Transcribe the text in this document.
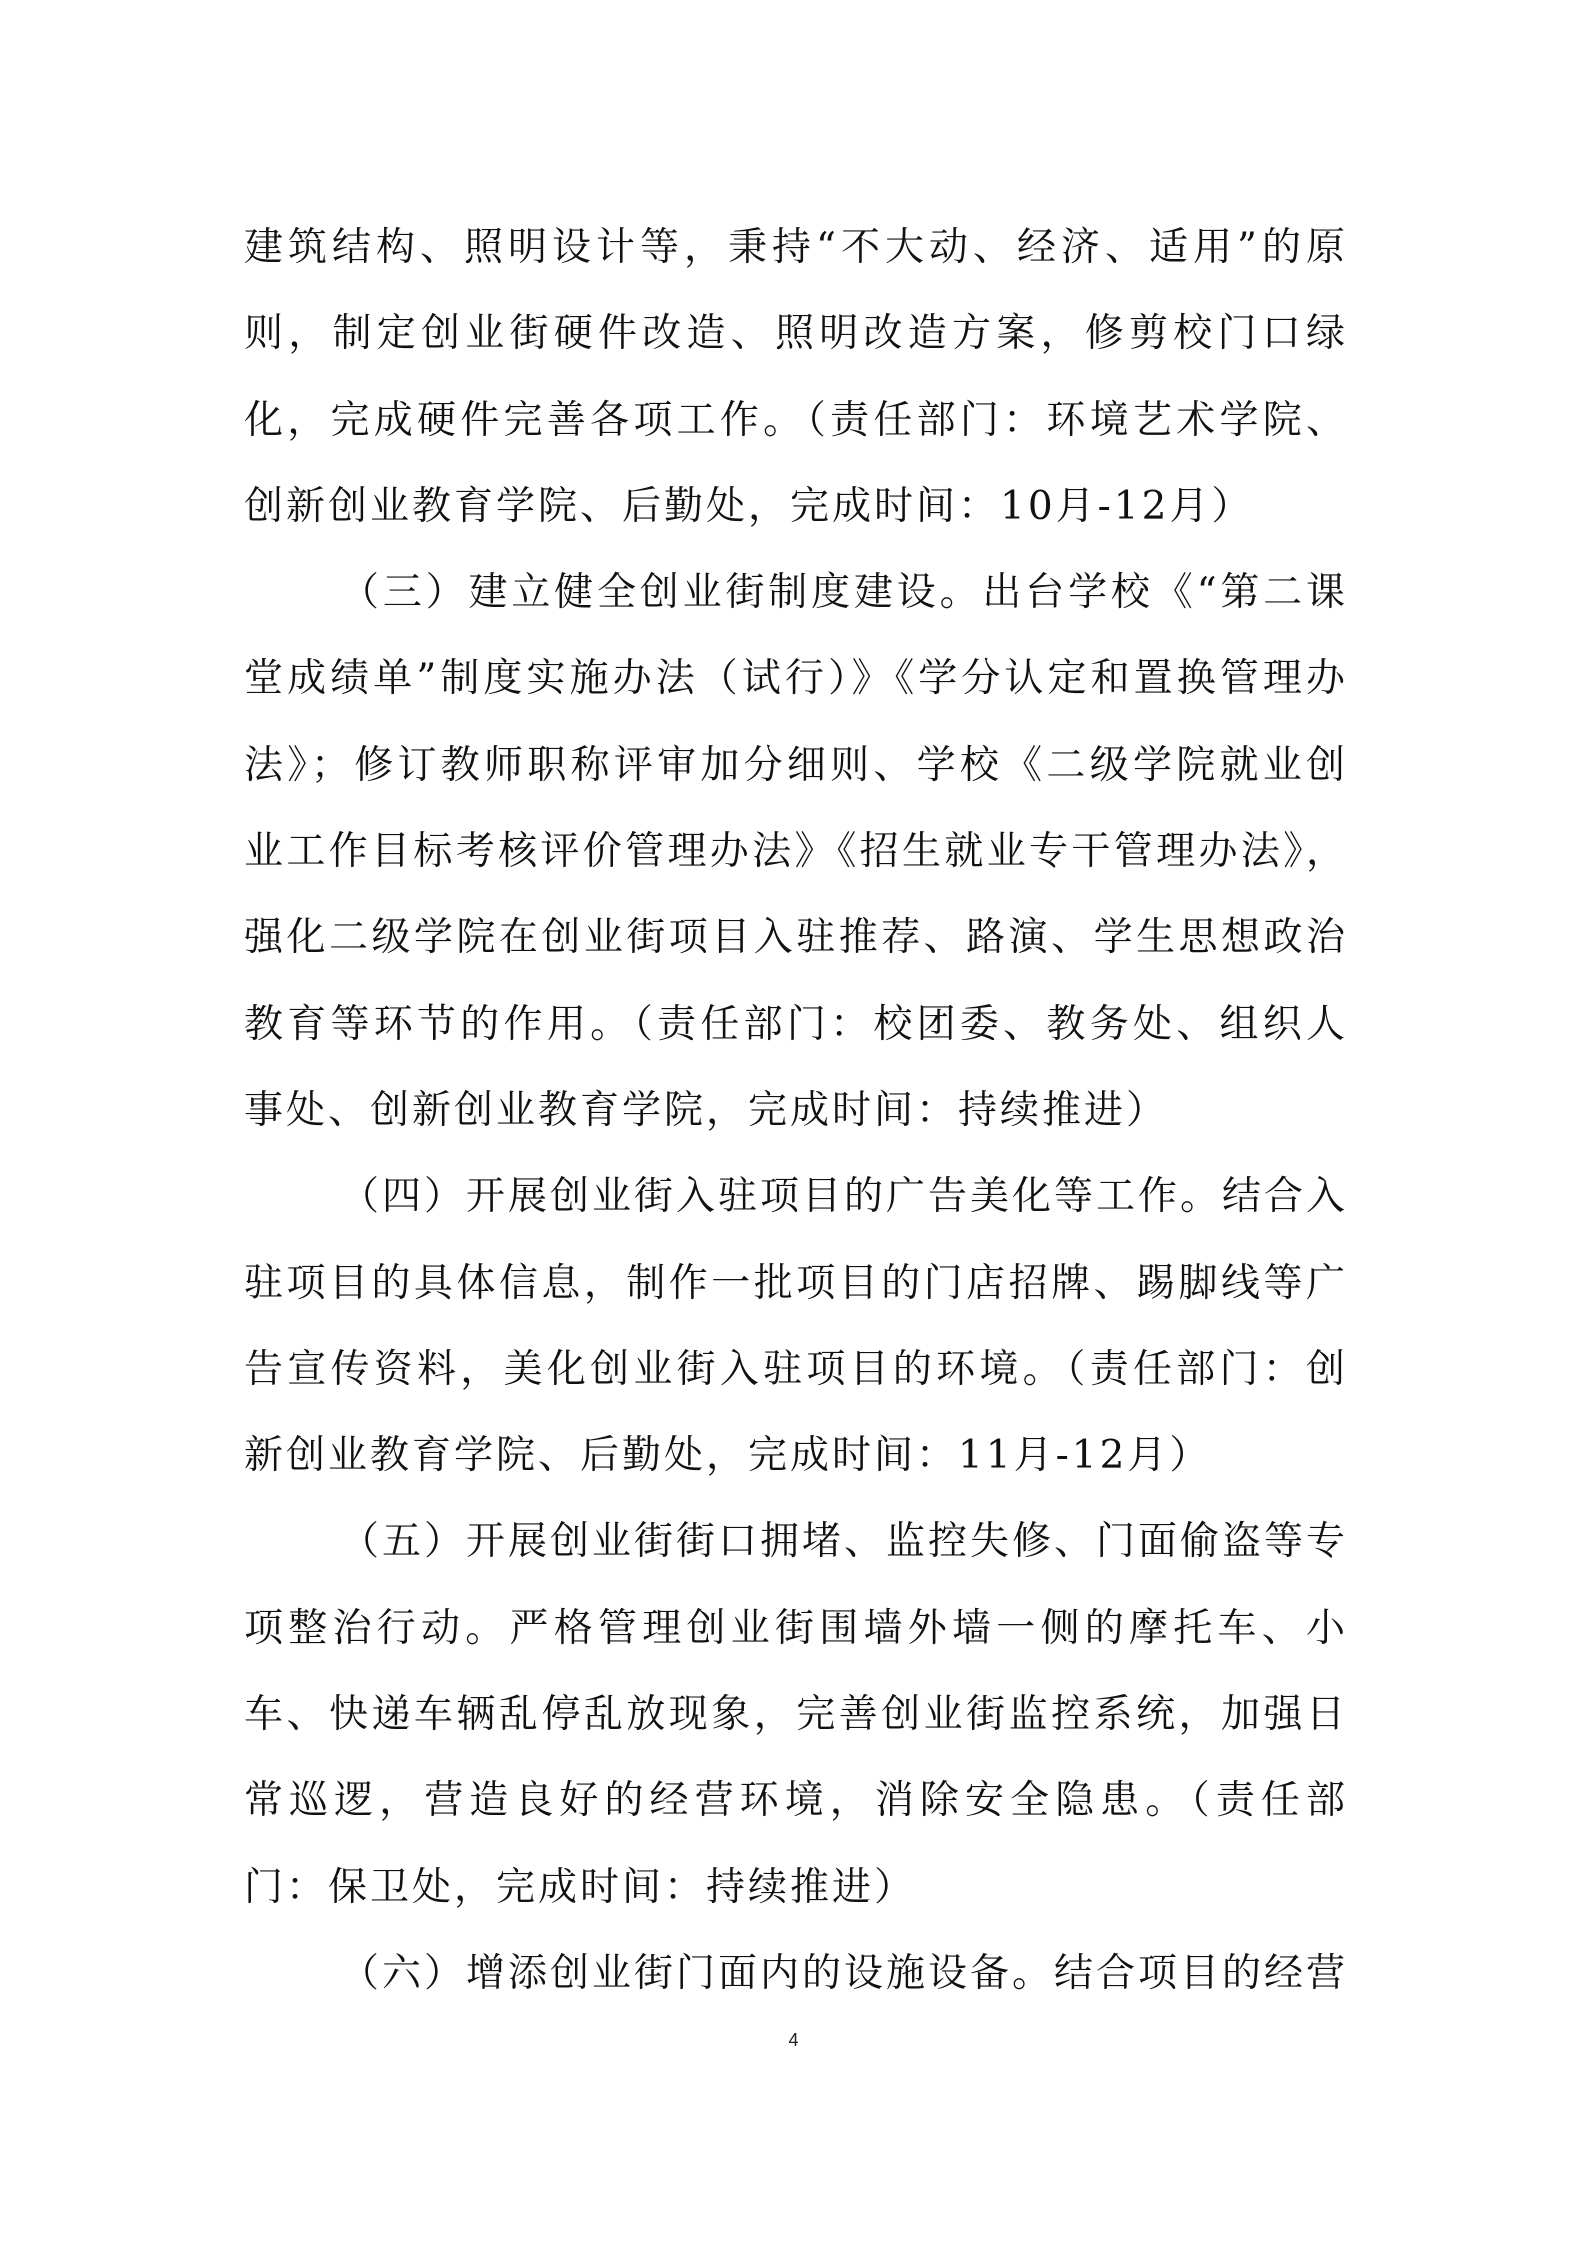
建筑结构、照明设计等，秉持“不大动、经济、适用”的原则，制定创业街硬件改造、照明改造方案，修剪校门口绿化，完成硬件完善各项工作。（责任部门：环境艺术学院、创新创业教育学院、后勤处，完成时间：10月-12月）

（三）建立健全创业街制度建设。出台学校《“第二课堂成绩单”制度实施办法（试行）》《学分认定和置换管理办法》；修订教师职称评审加分细则、学校《二级学院就业创业工作目标考核评价管理办法》《招生就业专干管理办法》，强化二级学院在创业街项目入驻推荐、路演、学生思想政治教育等环节的作用。（责任部门：校团委、教务处、组织人事处、创新创业教育学院，完成时间：持续推进）

（四）开展创业街入驻项目的广告美化等工作。结合入驻项目的具体信息，制作一批项目的门店招牌、踢脚线等广告宣传资料，美化创业街入驻项目的环境。（责任部门：创新创业教育学院、后勤处，完成时间：11月-12月）

（五）开展创业街街口拥堵、监控失修、门面偷盗等专项整治行动。严格管理创业街围墙外墙一侧的摩托车、小车、快递车辆乱停乱放现象，完善创业街监控系统，加强日常巡逻，营造良好的经营环境，消除安全隐患。（责任部门：保卫处，完成时间：持续推进）

（六）增添创业街门面内的设施设备。结合项目的经营

4
